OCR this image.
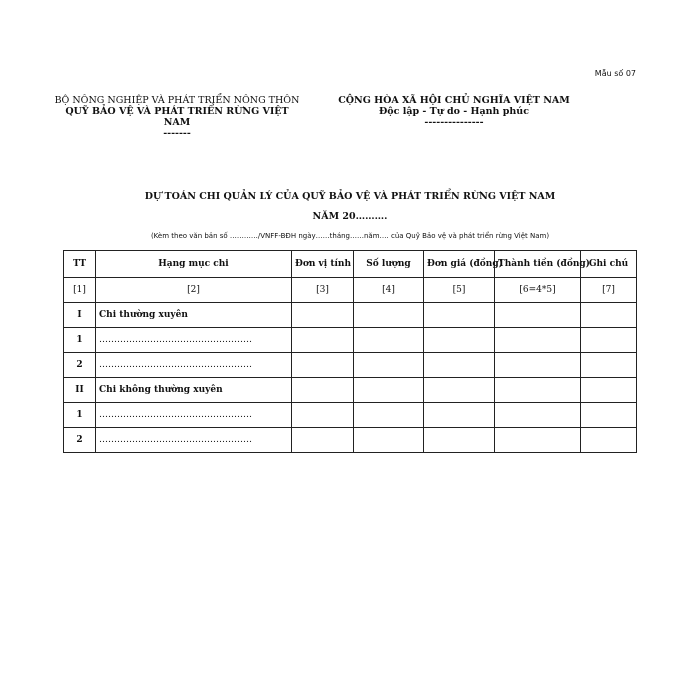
Mẫu số 07
BỘ NÔNG NGHIỆP VÀ PHÁT TRIỂN NÔNG THÔN
QUỸ BẢO VỆ VÀ PHÁT TRIỂN RỪNG VIỆT NAM
-------
CỘNG HÒA XÃ HỘI CHỦ NGHĨA VIỆT NAM
Độc lập - Tự do - Hạnh phúc
---------------
DỰ TOÁN CHI QUẢN LÝ CỦA QUỸ BẢO VỆ VÀ PHÁT TRIỂN RỪNG VIỆT NAM
NĂM 20……….
(Kèm theo văn bản số …………/VNFF-BĐH ngày……tháng……năm…. của Quỹ Bảo vệ và phát triển rừng Việt Nam)
TT	Hạng mục chi	Đơn vị tính	Số lượng	Đơn giá (đồng)	Thành tiền (đồng)	Ghi chú
[1]	[2]	[3]	[4]	[5]	[6=4*5]	[7]
I	Chi thường xuyên					
1	……………………………………………					
2	……………………………………………					
II	Chi không thường xuyên					
1	……………………………………………					
2	……………………………………………					
